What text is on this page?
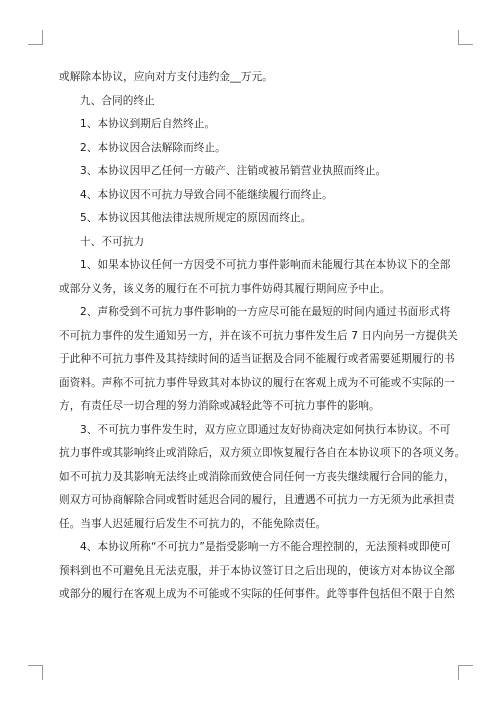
或解除本协议，应向对方支付违约金__万元。
九、合同的终止
1、本协议到期后自然终止。
2、本协议因合法解除而终止。
3、本协议因甲乙任何一方破产、注销或被吊销营业执照而终止。
4、本协议因不可抗力导致合同不能继续履行而终止。
5、本协议因其他法律法规所规定的原因而终止。
十、不可抗力
1、如果本协议任何一方因受不可抗力事件影响而未能履行其在本协议下的全部
或部分义务，该义务的履行在不可抗力事件妨碍其履行期间应予中止。
2、声称受到不可抗力事件影响的一方应尽可能在最短的时间内通过书面形式将
不可抗力事件的发生通知另一方，并在该不可抗力事件发生后 7 日内向另一方提供关
于此种不可抗力事件及其持续时间的适当证据及合同不能履行或者需要延期履行的书
面资料。声称不可抗力事件导致其对本协议的履行在客观上成为不可能或不实际的一
方，有责任尽一切合理的努力消除或减轻此等不可抗力事件的影响。
3、不可抗力事件发生时，双方应立即通过友好协商决定如何执行本协议。不可
抗力事件或其影响终止或消除后，双方须立即恢复履行各自在本协议项下的各项义务。
如不可抗力及其影响无法终止或消除而致使合同任何一方丧失继续履行合同的能力，
则双方可协商解除合同或暂时延迟合同的履行，且遭遇不可抗力一方无须为此承担责
任。当事人迟延履行后发生不可抗力的，不能免除责任。
4、本协议所称“不可抗力”是指受影响一方不能合理控制的，无法预料或即使可
预料到也不可避免且无法克服，并于本协议签订日之后出现的，使该方对本协议全部
或部分的履行在客观上成为不可能或不实际的任何事件。此等事件包括但不限于自然
